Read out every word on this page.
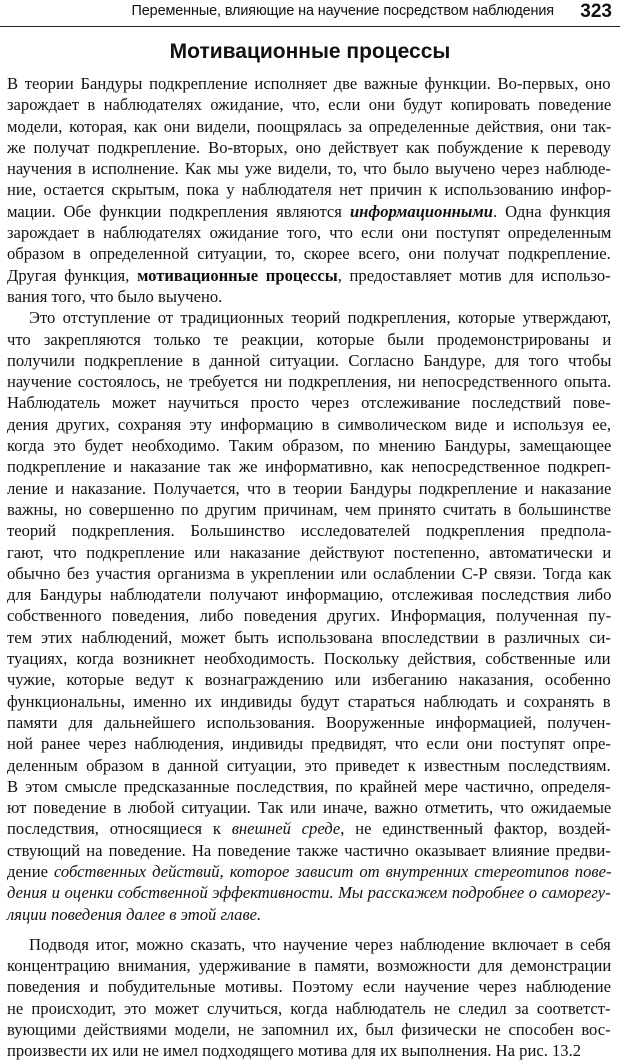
Переменные, влияющие на научение посредством наблюдения 323
Мотивационные процессы
В теории Бандуры подкрепление исполняет две важные функции. Во-первых, оно
зарождает в наблюдателях ожидание, что, если они будут копировать поведение
модели, которая, как они видели, поощрялась за определенные действия, они так-
же получат подкрепление. Во-вторых, оно действует как побуждение к переводу
научения в исполнение. Как мы уже видели, то, что было выучено через наблюде-
ние, остается скрытым, пока у наблюдателя нет причин к использованию инфор-
мации. Обе функции подкрепления являются информационными. Одна функция
зарождает в наблюдателях ожидание того, что если они поступят определенным
образом в определенной ситуации, то, скорее всего, они получат подкрепление.
Другая функция, мотивационные процессы, предоставляет мотив для использо-
вания того, что было выучено.
Это отступление от традиционных теорий подкрепления, которые утверждают,
что закрепляются только те реакции, которые были продемонстрированы и
получили подкрепление в данной ситуации. Согласно Бандуре, для того чтобы
научение состоялось, не требуется ни подкрепления, ни непосредственного опыта.
Наблюдатель может научиться просто через отслеживание последствий пове-
дения других, сохраняя эту информацию в символическом виде и используя ее,
когда это будет необходимо. Таким образом, по мнению Бандуры, замещающее
подкрепление и наказание так же информативно, как непосредственное подкреп-
ление и наказание. Получается, что в теории Бандуры подкрепление и наказание
важны, но совершенно по другим причинам, чем принято считать в большинстве
теорий подкрепления. Большинство исследователей подкрепления предпола-
гают, что подкрепление или наказание действуют постепенно, автоматически и
обычно без участия организма в укреплении или ослаблении С-Р связи. Тогда как
для Бандуры наблюдатели получают информацию, отслеживая последствия либо
собственного поведения, либо поведения других. Информация, полученная пу-
тем этих наблюдений, может быть использована впоследствии в различных си-
туациях, когда возникнет необходимость. Поскольку действия, собственные или
чужие, которые ведут к вознаграждению или избеганию наказания, особенно
функциональны, именно их индивиды будут стараться наблюдать и сохранять в
памяти для дальнейшего использования. Вооруженные информацией, получен-
ной ранее через наблюдения, индивиды предвидят, что если они поступят опре-
деленным образом в данной ситуации, это приведет к известным последствиям.
В этом смысле предсказанные последствия, по крайней мере частично, определя-
ют поведение в любой ситуации. Так или иначе, важно отметить, что ожидаемые
последствия, относящиеся к внешней среде, не единственный фактор, воздей-
ствующий на поведение. На поведение также частично оказывает влияние предви-
дение собственных действий, которое зависит от внутренних стереотипов пове-
дения и оценки собственной эффективности. Мы расскажем подробнее о саморегу-
ляции поведения далее в этой главе.
Подводя итог, можно сказать, что научение через наблюдение включает в себя
концентрацию внимания, удерживание в памяти, возможности для демонстрации
поведения и побудительные мотивы. Поэтому если научение через наблюдение
не происходит, это может случиться, когда наблюдатель не следил за соответст-
вующими действиями модели, не запомнил их, был физически не способен вос-
произвести их или не имел подходящего мотива для их выполнения. На рис. 13.2
